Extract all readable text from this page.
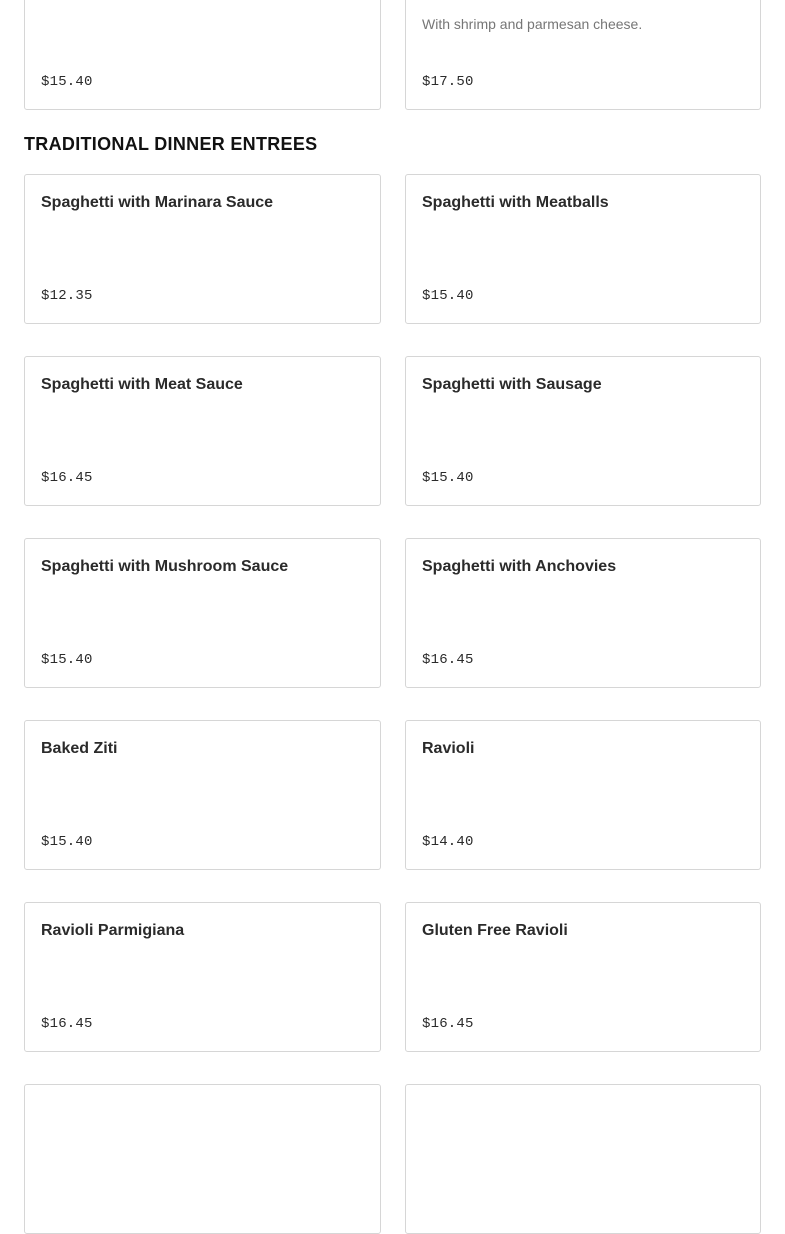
$15.40
With shrimp and parmesan cheese.
$17.50
TRADITIONAL DINNER ENTREES
Spaghetti with Marinara Sauce
$12.35
Spaghetti with Meatballs
$15.40
Spaghetti with Meat Sauce
$16.45
Spaghetti with Sausage
$15.40
Spaghetti with Mushroom Sauce
$15.40
Spaghetti with Anchovies
$16.45
Baked Ziti
$15.40
Ravioli
$14.40
Ravioli Parmigiana
$16.45
Gluten Free Ravioli
$16.45
